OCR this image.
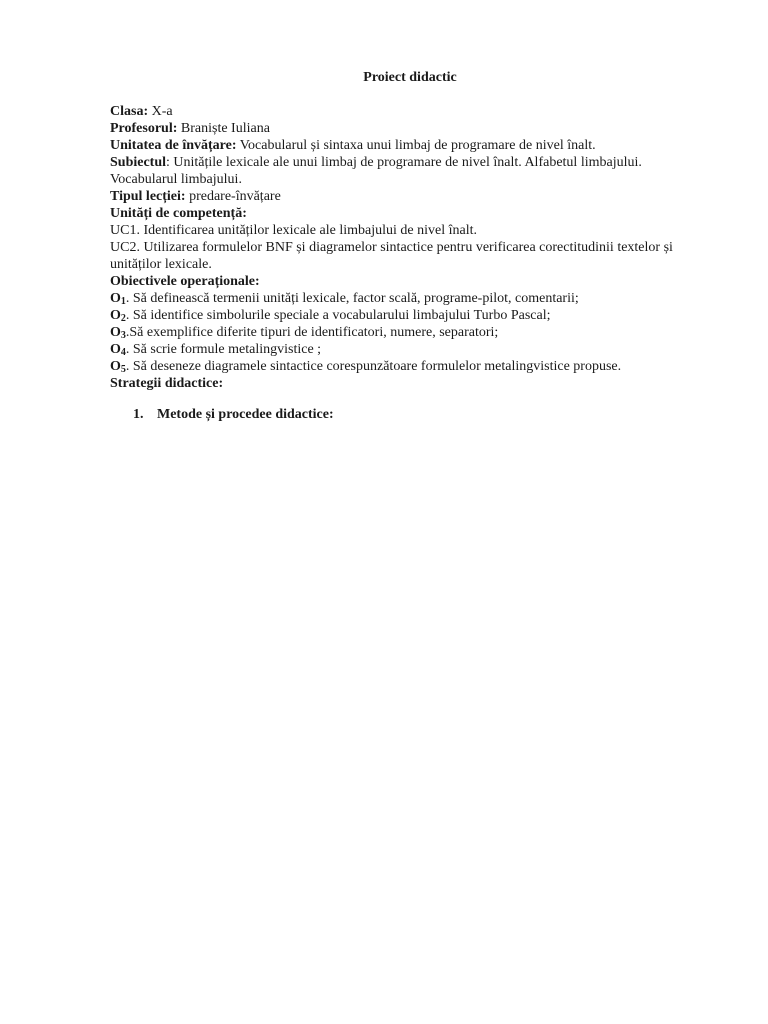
Proiect didactic

Clasa: X-a

Profesorul: Braniște Iuliana

Unitatea de învățare: Vocabularul și sintaxa unui limbaj de programare de nivel înalt.

Subiectul: Unitățile lexicale ale unui limbaj de programare de nivel înalt. Alfabetul limbajului. Vocabularul limbajului.

Tipul lecției: predare-învățare

Unități de competență:

UC1. Identificarea unităților lexicale ale limbajului de nivel înalt.

UC2. Utilizarea formulelor BNF și diagramelor sintactice pentru verificarea corectitudinii textelor și unităților lexicale.

Obiectivele operaționale:

$O_1$. Să definească termenii unități lexicale, factor scală, programe-pilot, comentarii;

$O_2$. Să identifice simbolurile speciale a vocabularului limbajului Turbo Pascal;

$O_3.Să$ exemplifice diferite tipuri de identificatori, numere, separatori;

$O_4$. Să scrie formule metalingvistice ;

$O_5$. Să deseneze diagramele sintactice corespunzătoare formulelor metalingvistice propuse.

Strategii didactice:

1. Metode și procedee didactice:
